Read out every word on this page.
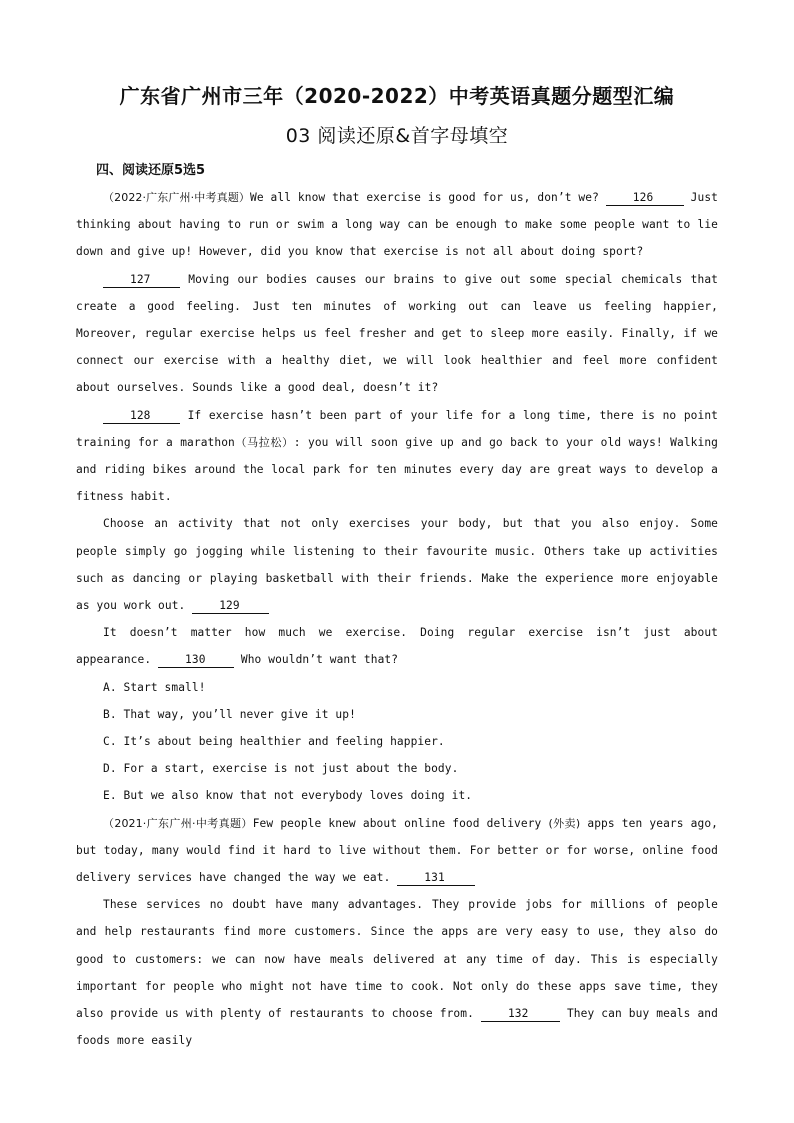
广东省广州市三年（2020-2022）中考英语真题分题型汇编
03 阅读还原&首字母填空
四、阅读还原5选5

（2022·广东广州·中考真题）We all know that exercise is good for us, don’t we?	126	Just thinking about having to run or swim a long way can be enough to make some people want to lie down and give up! However, did you know that exercise is not all about doing sport?

127	Moving our bodies causes our brains to give out some special chemicals that create a good feeling. Just ten minutes of working out can leave us feeling happier, Moreover, regular exercise helps us feel fresher and get to sleep more easily. Finally, if we connect our exercise with a healthy diet, we will look healthier and feel more confident about ourselves. Sounds like a good deal, doesn’t it?

128	If exercise hasn’t been part of your life for a long time, there is no point training for a marathon（马拉松）: you will soon give up and go back to your old ways! Walking and riding bikes around the local park for ten minutes every day are great ways to develop a fitness habit.

Choose an activity that not only exercises your body, but that you also enjoy. Some people simply go jogging while listening to their favourite music. Others take up activities such as dancing or playing basketball with their friends. Make the experience more enjoyable as you work out.	129

It doesn’t matter how much we exercise. Doing regular exercise isn’t just about appearance.	130	Who wouldn’t want that?

A. Start small!

B. That way, you’ll never give it up!

C. It’s about being healthier and feeling happier.

D. For a start, exercise is not just about the body.

E. But we also know that not everybody loves doing it.

（2021·广东广州·中考真题）Few people knew about online food delivery (外卖) apps ten years ago, but today, many would find it hard to live without them. For better or for worse, online food delivery services have changed the way we eat.	131

These services no doubt have many advantages. They provide jobs for millions of people and help restaurants find more customers. Since the apps are very easy to use, they also do good to customers: we can now have meals delivered at any time of day. This is especially important for people who might not have time to cook. Not only do these apps save time, they also provide us with plenty of restaurants to choose from.	132	They can buy meals and foods more easily
